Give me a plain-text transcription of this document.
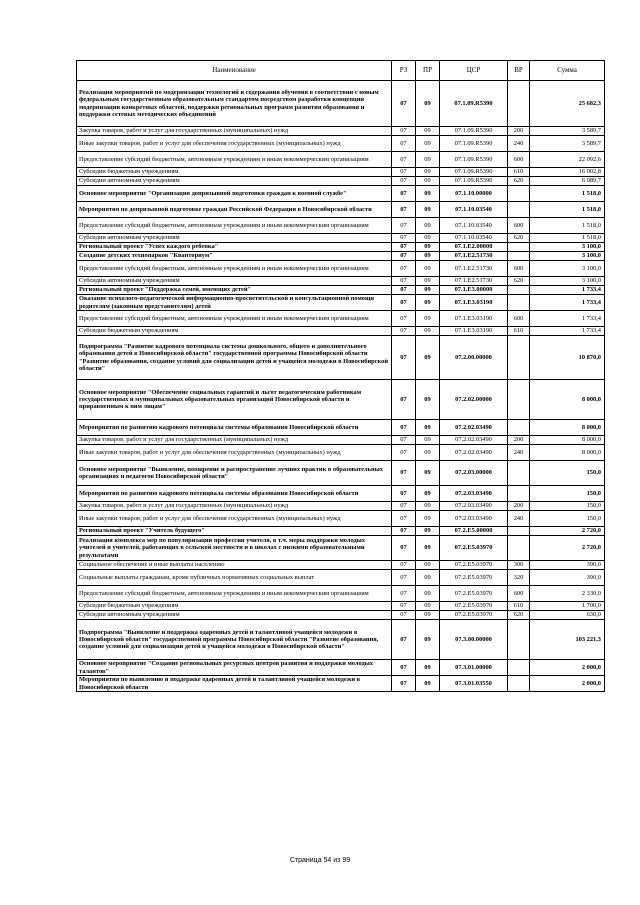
Наименование	РЗ	ПР	ЦСР	ВР	Сумма
Реализация мероприятий по модернизации технологий и содержания обучения в соответствии с новым федеральным государственным образовательным стандартом посредством разработки концепции модернизации конкретных областей, поддержки региональных программ развития образования и поддержки сетевых методических объединений	07	09	07.1.09.R5390		25 682,3
Закупка товаров, работ и услуг для государственных (муниципальных) нужд	07	09	07.1.09.R5390	200	3 589,7
Иные закупки товаров, работ и услуг для обеспечения государственных (муниципальных) нужд	07	09	07.1.09.R5390	240	3 589,7
Предоставление субсидий бюджетным, автономным учреждениям и иным некоммерческим организациям	07	09	07.1.09.R5390	600	22 092,6
Субсидии бюджетным учреждениям	07	09	07.1.09.R5390	610	16 002,8
Субсидии автономным учреждениям	07	09	07.1.09.R5390	620	6 089,7
Основное мероприятие "Организация допризывной подготовки граждан к военной службе"	07	09	07.1.10.00000		1 518,0
Мероприятия по допризывной подготовке граждан Российской Федерации в Новосибирской области	07	09	07.1.10.03540		1 518,0
Предоставление субсидий бюджетным, автономным учреждениям и иным некоммерческим организациям	07	09	07.1.10.03540	600	1 518,0
Субсидии автономным учреждениям	07	09	07.1.10.03540	620	1 518,0
Региональный проект "Успех каждого ребенка"	07	09	07.1.E2.00000		3 100,0
Создание детских технопарков "Кванториум"	07	09	07.1.E2.51730		3 100,0
Предоставление субсидий бюджетным, автономным учреждениям и иным некоммерческим организациям	07	09	07.1.E2.51730	600	3 100,0
Субсидии автономным учреждениям	07	09	07.1.E2.51730	620	3 100,0
Региональный проект "Поддержка семей, имеющих детей"	07	09	07.1.E3.00000		1 733,4
Оказание психолого-педагогической информационно-просветительской и консультационной помощи родителям (законным представителям) детей	07	09	07.1.E3.03190		1 733,4
Предоставление субсидий бюджетным, автономным учреждениям и иным некоммерческим организациям	07	09	07.1.E3.03190	600	1 733,4
Субсидии бюджетным учреждениям	07	09	07.1.E3.03190	610	1 733,4
Подпрограмма "Развитие кадрового потенциала системы дошкольного, общего и дополнительного образования детей в Новосибирской области" государственной программы Новосибирской области "Развитие образования, создание условий для социализации детей и учащейся молодежи в Новосибирской области"	07	09	07.2.00.00000		10 870,0
Основное мероприятие "Обеспечение социальных гарантий и льгот педагогическим работникам государственных и муниципальных образовательных организаций Новосибирской области и приравненным к ним лицам"	07	09	07.2.02.00000		8 000,0
Мероприятия по развитию кадрового потенциала системы образования Новосибирской области	07	09	07.2.02.03490		8 000,0
Закупка товаров, работ и услуг для государственных (муниципальных) нужд	07	09	07.2.02.03490	200	8 000,0
Иные закупки товаров, работ и услуг для обеспечения государственных (муниципальных) нужд	07	09	07.2.02.03490	240	8 000,0
Основное мероприятие "Выявление, поощрение и распространение лучших практик в образовательных организациях и педагогов Новосибирской области"	07	09	07.2.03.00000		150,0
Мероприятия по развитию кадрового потенциала системы образования Новосибирской области	07	09	07.2.03.03490		150,0
Закупка товаров, работ и услуг для государственных (муниципальных) нужд	07	09	07.2.03.03490	200	150,0
Иные закупки товаров, работ и услуг для обеспечения государственных (муниципальных) нужд	07	09	07.2.03.03490	240	150,0
Региональный проект "Учитель будущего"	07	09	07.2.E5.00000		2 720,0
Реализация комплекса мер по популяризации профессии учителя, в т.ч. меры поддержки молодых учителей и учителей, работающих в сельской местности и в школах с низкими образовательными результатами	07	09	07.2.E5.03970		2 720,0
Социальное обеспечение и иные выплаты населению	07	09	07.2.E5.03970	300	390,0
Социальные выплаты гражданам, кроме публичных нормативных социальных выплат	07	09	07.2.E5.03970	320	390,0
Предоставление субсидий бюджетным, автономным учреждениям и иным некоммерческим организациям	07	09	07.2.E5.03970	600	2 330,0
Субсидии бюджетным учреждениям	07	09	07.2.E5.03970	610	1 700,0
Субсидии автономным учреждениям	07	09	07.2.E5.03970	620	630,0
Подпрограмма "Выявление и поддержка одаренных детей и талантливой учащейся молодежи в Новосибирской области" государственной программы Новосибирской области "Развитие образования, создание условий для социализации детей и учащейся молодежи в Новосибирской области"	07	09	07.3.00.00000		103 221,3
Основное мероприятие "Создание региональных ресурсных центров развития и поддержки молодых талантов"	07	09	07.3.01.00000		2 000,0
Мероприятия по выявлению и поддержке одаренных детей и талантливой учащейся молодежи в Новосибирской области	07	09	07.3.01.03550		2 000,0
Страница 54 из 99
